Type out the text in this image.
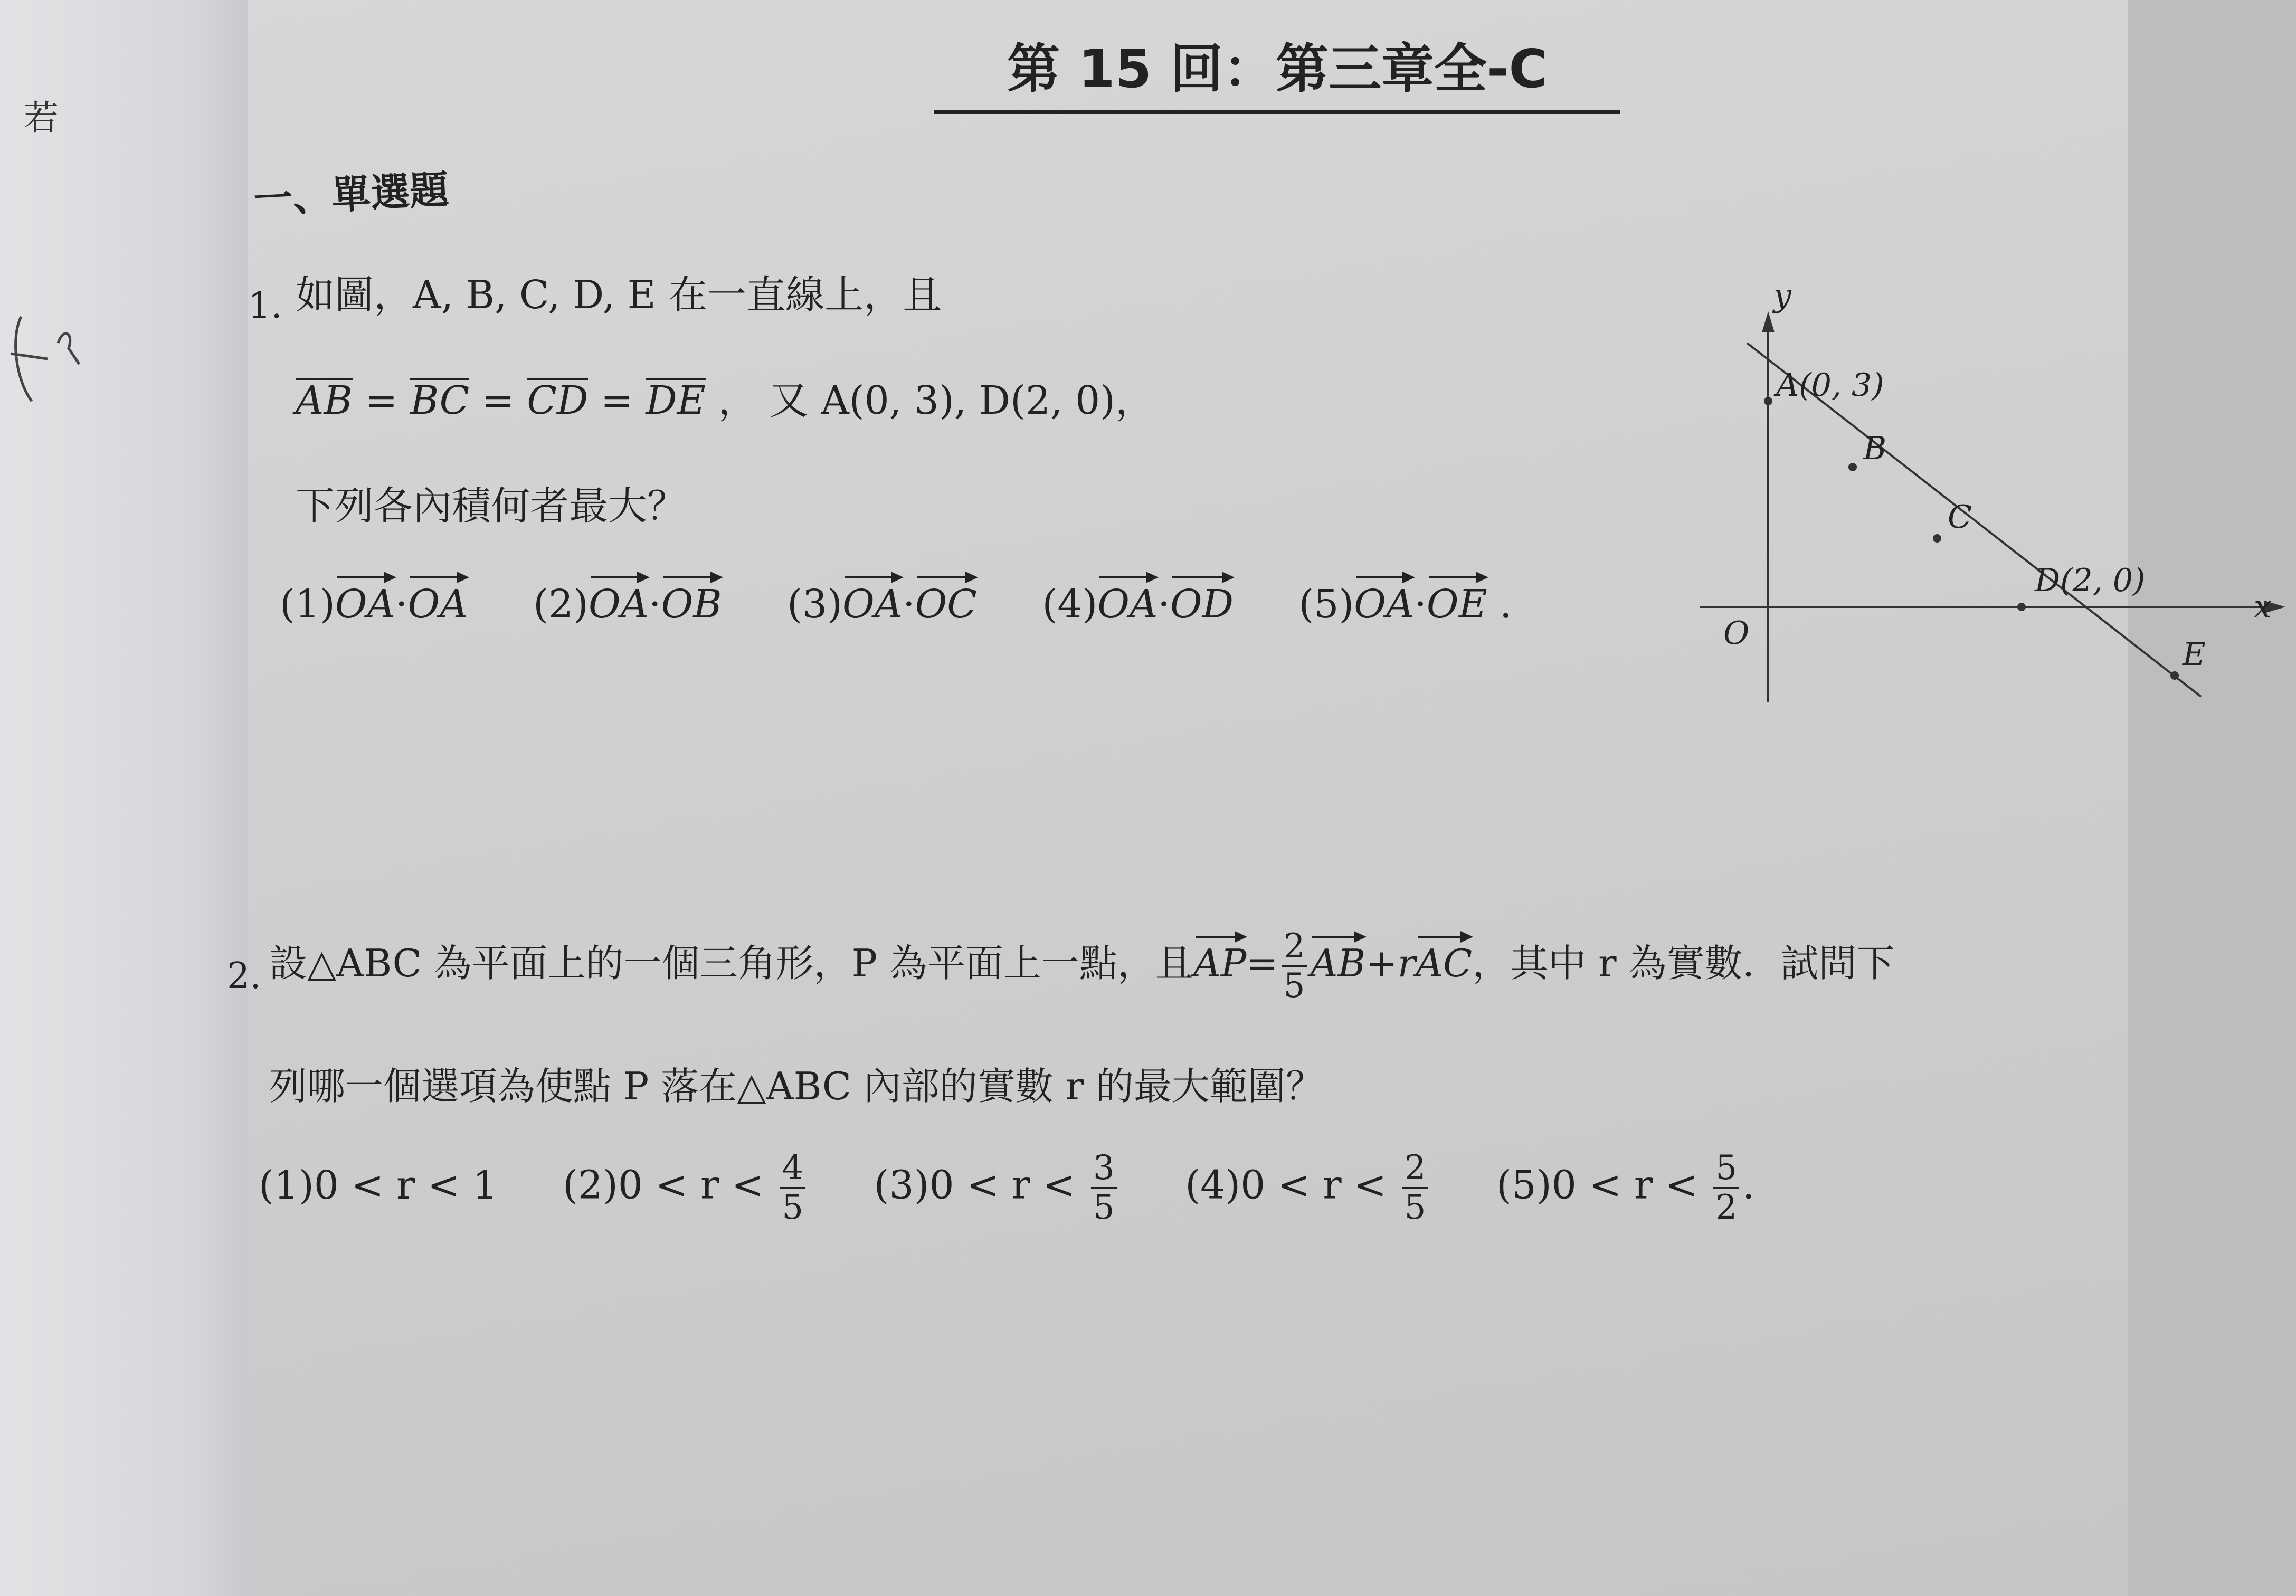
若
第 15 回：第三章全-C
一、單選題
1. 如圖，A, B, C, D, E 在一直線上，且
AB = BC = CD = DE ， 又 A(0, 3), D(2, 0)，
下列各內積何者最大？
(1)OA·OA (2)OA·OB (3)OA·OC (4)OA·OD (5)OA·OE .
y
x
O
A(0, 3)
B
C
D(2, 0)
E
2. 設△ABC 為平面上的一個三角形，P 為平面上一點，且$AP= \frac{2}{5} AB+rAC$，其中 r 為實數．試問下
列哪一個選項為使點 P 落在△ABC 內部的實數 r 的最大範圍？
(1)0 < r < 1 $(2)0 < r < \frac{4}{5} (3)0 < r < \frac{3}{5} (4)0 < r < \frac{2}{5} (5)0 < r < \frac{5}{2}$ .
